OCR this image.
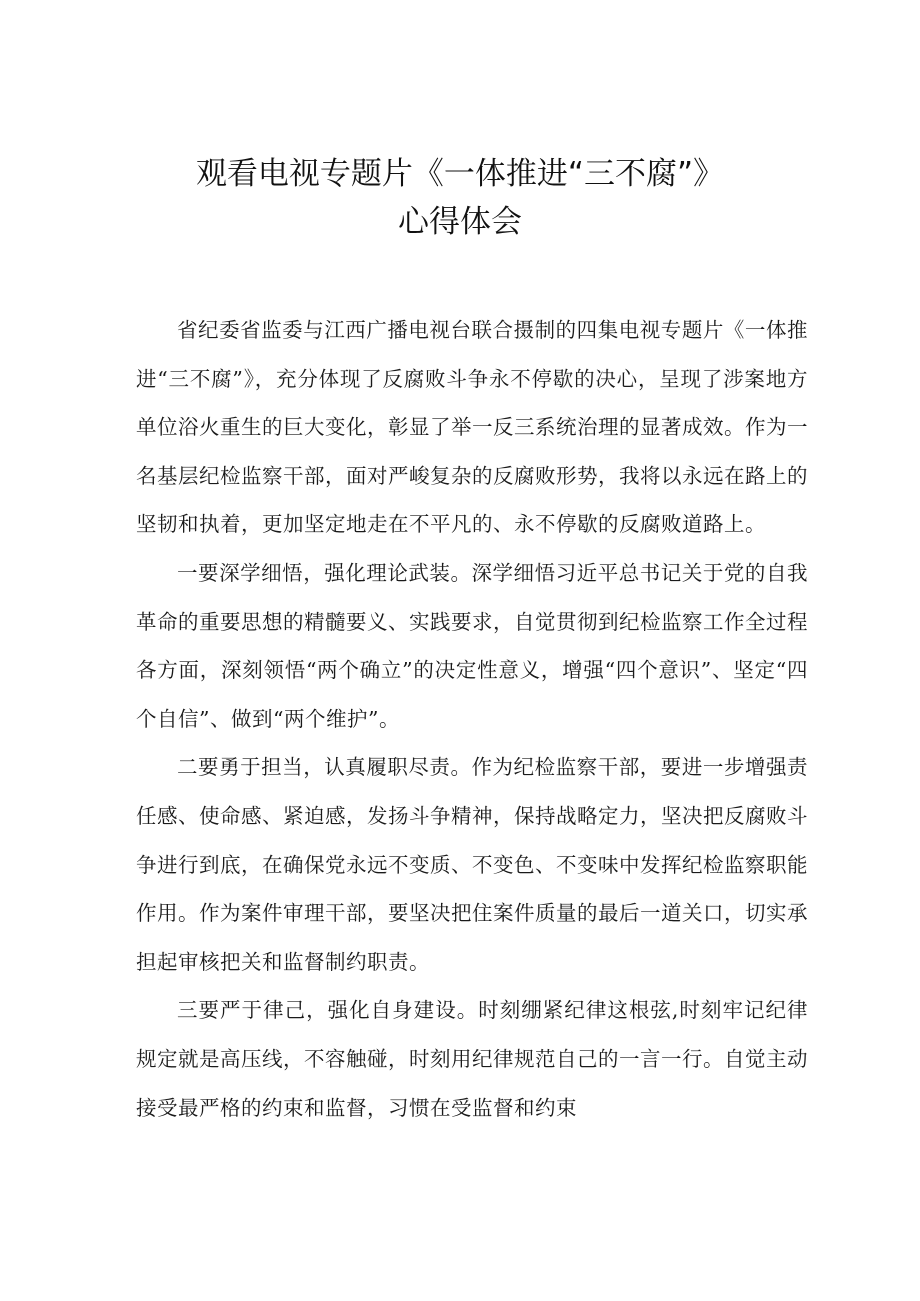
观看电视专题片《一体推进“三不腐”》
心得体会

省纪委省监委与江西广播电视台联合摄制的四集电视专题片《一体推进“三不腐”》，充分体现了反腐败斗争永不停歇的决心，呈现了涉案地方单位浴火重生的巨大变化，彰显了举一反三系统治理的显著成效。作为一名基层纪检监察干部，面对严峻复杂的反腐败形势，我将以永远在路上的坚韧和执着，更加坚定地走在不平凡的、永不停歇的反腐败道路上。

一要深学细悟，强化理论武装。深学细悟习近平总书记关于党的自我革命的重要思想的精髓要义、实践要求，自觉贯彻到纪检监察工作全过程各方面，深刻领悟“两个确立”的决定性意义，增强“四个意识”、坚定“四个自信”、做到“两个维护”。

二要勇于担当，认真履职尽责。作为纪检监察干部，要进一步增强责任感、使命感、紧迫感，发扬斗争精神，保持战略定力，坚决把反腐败斗争进行到底，在确保党永远不变质、不变色、不变味中发挥纪检监察职能作用。作为案件审理干部，要坚决把住案件质量的最后一道关口，切实承担起审核把关和监督制约职责。

三要严于律己，强化自身建设。时刻绷紧纪律这根弦,时刻牢记纪律规定就是高压线，不容触碰，时刻用纪律规范自己的一言一行。自觉主动接受最严格的约束和监督，习惯在受监督和约束
